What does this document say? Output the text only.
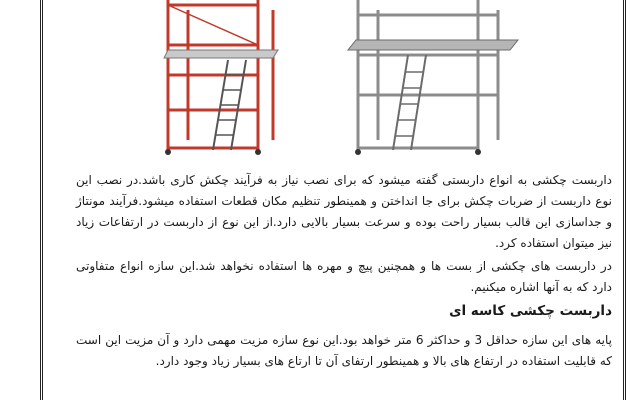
داربست چکشی به انواع داربستی گفته میشود که برای نصب نیاز به فرآیند چکش کاری باشد.در نصب این نوع داربست از ضربات چکش برای جا انداختن و همینطور تنظیم مکان قطعات استفاده میشود.فرآیند مونتاژ و جداسازی این قالب بسیار راحت بوده و سرعت بسیار بالایی دارد.از این نوع از داربست در ارتفاعات زیاد نیز میتوان استفاده کرد.

در داربست های چکشی از بست ها و همچنین پیچ و مهره ها استفاده نخواهد شد.این سازه انواع متفاوتی دارد که به آنها اشاره میکنیم.

داربست چکشی کاسه ای

پایه های این سازه حداقل 3 و حداکثر 6 متر خواهد بود.این نوع سازه مزیت مهمی دارد و آن مزیت این است که قابلیت استفاده در ارتفاع های بالا و همینطور ارتفای آن تا ارتاع های بسیار زیاد وجود دارد.
